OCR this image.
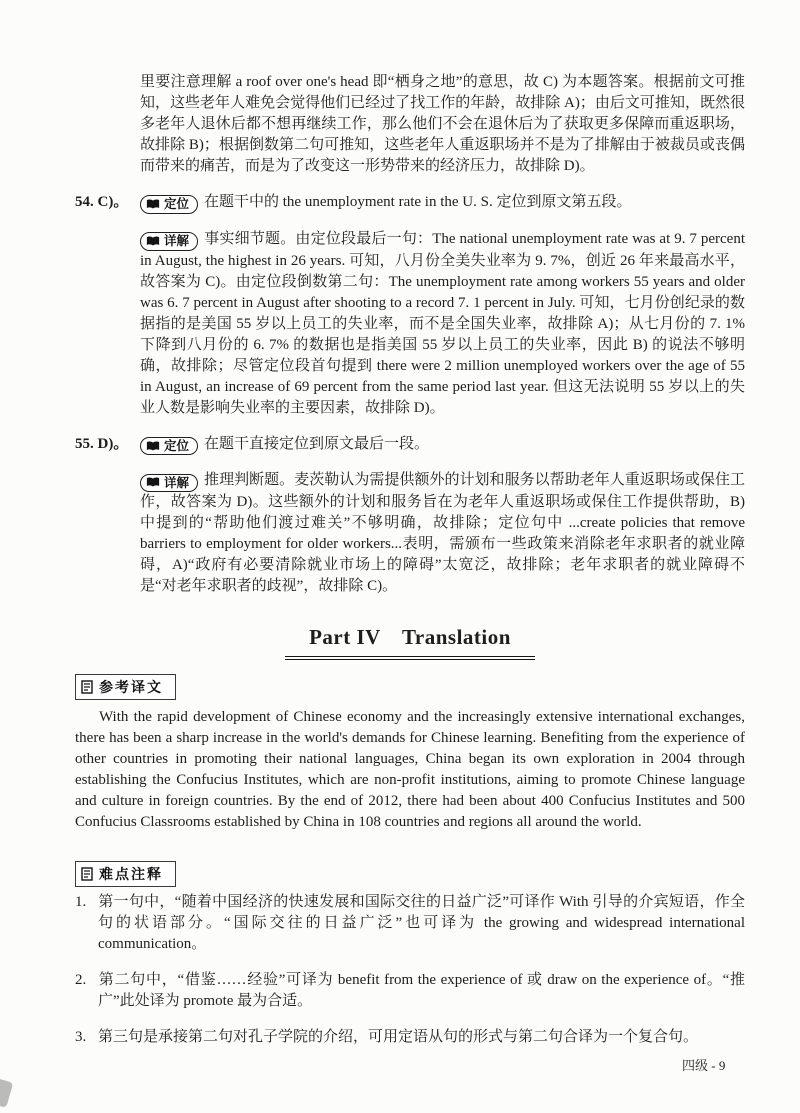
里要注意理解 a roof over one's head 即“栖身之地”的意思，故 C) 为本题答案。根据前文可推知，这些老年人难免会觉得他们已经过了找工作的年龄，故排除 A)；由后文可推知，既然很多老年人退休后都不想再继续工作，那么他们不会在退休后为了获取更多保障而重返职场，故排除 B)；根据倒数第二句可推知，这些老年人重返职场并不是为了排解由于被裁员或丧偶而带来的痛苦，而是为了改变这一形势带来的经济压力，故排除 D)。

54. C)。	定位 在题干中的 the unemployment rate in the U. S. 定位到原文第五段。

详解 事实细节题。由定位段最后一句：The national unemployment rate was at 9. 7 percent in August, the highest in 26 years. 可知，八月份全美失业率为 9. 7%，创近 26 年来最高水平，故答案为 C)。由定位段倒数第二句：The unemployment rate among workers 55 years and older was 6. 7 percent in August after shooting to a record 7. 1 percent in July. 可知，七月份创纪录的数据指的是美国 55 岁以上员工的失业率，而不是全国失业率，故排除 A)；从七月份的 7. 1% 下降到八月份的 6. 7% 的数据也是指美国 55 岁以上员工的失业率，因此 B) 的说法不够明确，故排除；尽管定位段首句提到 there were 2 million unemployed workers over the age of 55 in August, an increase of 69 percent from the same period last year. 但这无法说明 55 岁以上的失业人数是影响失业率的主要因素，故排除 D)。

55. D)。	定位 在题干直接定位到原文最后一段。

详解 推理判断题。麦茨勒认为需提供额外的计划和服务以帮助老年人重返职场或保住工作，故答案为 D)。这些额外的计划和服务旨在为老年人重返职场或保住工作提供帮助，B) 中提到的“帮助他们渡过难关”不够明确，故排除；定位句中 ...create policies that remove barriers to employment for older workers...表明，需颁布一些政策来消除老年求职者的就业障碍，A)“政府有必要清除就业市场上的障碍”太宽泛，故排除；老年求职者的就业障碍不是“对老年求职者的歧视”，故排除 C)。

Part IV　Translation
参考译文

With the rapid development of Chinese economy and the increasingly extensive international exchanges, there has been a sharp increase in the world's demands for Chinese learning. Benefiting from the experience of other countries in promoting their national languages, China began its own exploration in 2004 through establishing the Confucius Institutes, which are non-profit institutions, aiming to promote Chinese language and culture in foreign countries. By the end of 2012, there had been about 400 Confucius Institutes and 500 Confucius Classrooms established by China in 108 countries and regions all around the world.

难点注释

1. 第一句中，“随着中国经济的快速发展和国际交往的日益广泛”可译作 With 引导的介宾短语，作全句的状语部分。“国际交往的日益广泛”也可译为 the growing and widespread international communication。

2. 第二句中，“借鉴……经验”可译为 benefit from the experience of 或 draw on the experience of。“推广”此处译为 promote 最为合适。

3. 第三句是承接第二句对孔子学院的介绍，可用定语从句的形式与第二句合译为一个复合句。

四级 - 9
